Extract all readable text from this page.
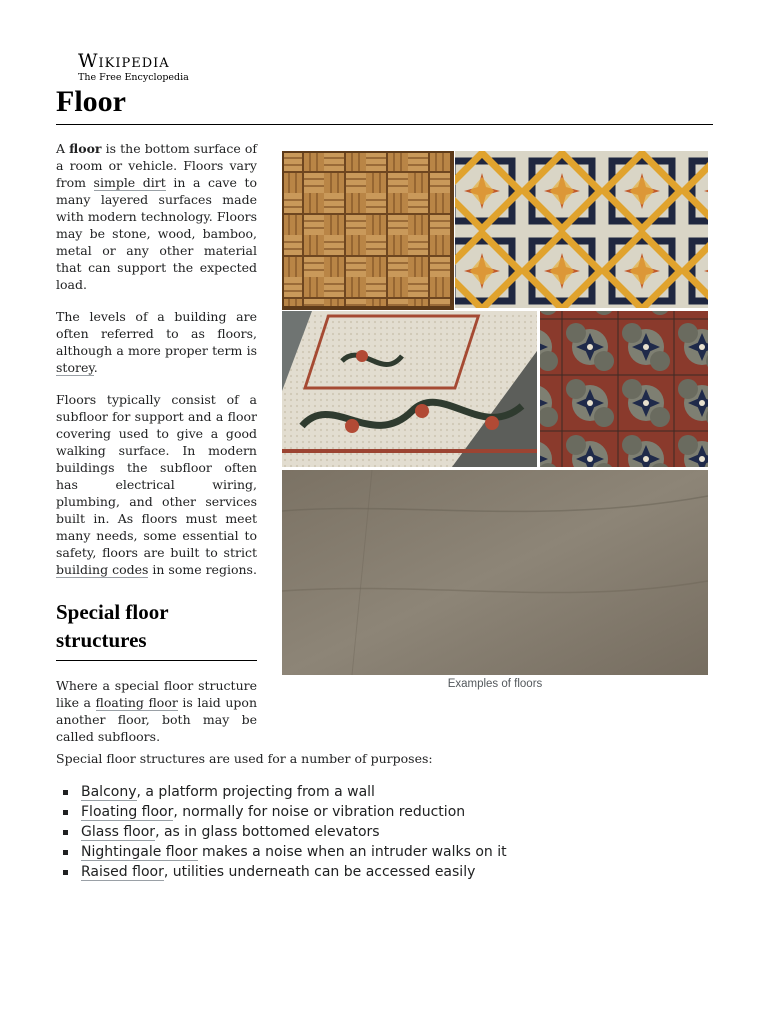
Wikipedia
The Free Encyclopedia
Floor

A floor is the bottom surface of a room or vehicle. Floors vary from simple dirt in a cave to many layered surfaces made with modern technology. Floors may be stone, wood, bamboo, metal or any other material that can support the expected load.

The levels of a building are often referred to as floors, although a more proper term is storey.

Floors typically consist of a subfloor for support and a floor covering used to give a good walking surface. In modern buildings the subfloor often has electrical wiring, plumbing, and other services built in. As floors must meet many needs, some essential to safety, floors are built to strict building codes in some regions.

Special floor structures

Where a special floor structure like a floating floor is laid upon another floor, both may be called subfloors.

Special floor structures are used for a number of purposes:

Balcony, a platform projecting from a wall
Floating floor, normally for noise or vibration reduction
Glass floor, as in glass bottomed elevators
Nightingale floor makes a noise when an intruder walks on it
Raised floor, utilities underneath can be accessed easily
Examples of floors
